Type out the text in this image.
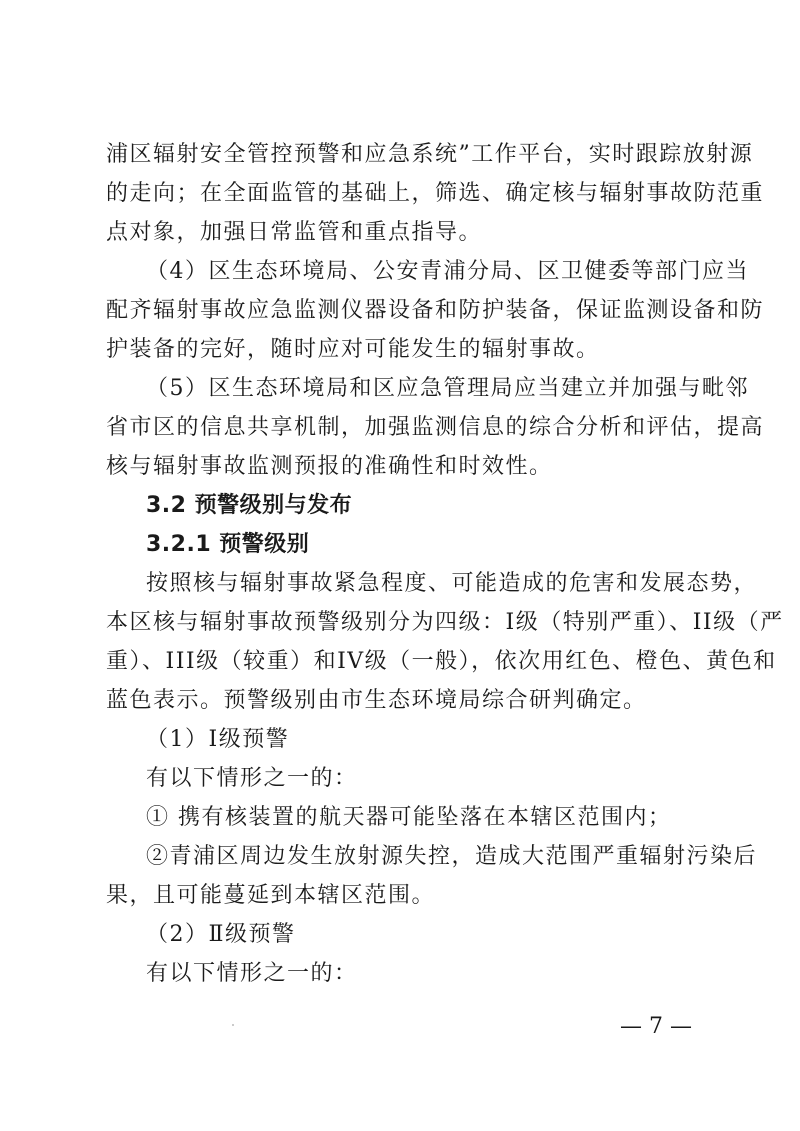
浦区辐射安全管控预警和应急系统”工作平台，实时跟踪放射源
的走向；在全面监管的基础上，筛选、确定核与辐射事故防范重
点对象，加强日常监管和重点指导。
（4）区生态环境局、公安青浦分局、区卫健委等部门应当
配齐辐射事故应急监测仪器设备和防护装备，保证监测设备和防
护装备的完好，随时应对可能发生的辐射事故。
（5）区生态环境局和区应急管理局应当建立并加强与毗邻
省市区的信息共享机制，加强监测信息的综合分析和评估，提高
核与辐射事故监测预报的准确性和时效性。
3.2 预警级别与发布
3.2.1 预警级别
按照核与辐射事故紧急程度、可能造成的危害和发展态势，
本区核与辐射事故预警级别分为四级：I级（特别严重）、II级（严
重）、III级（较重）和IV级（一般），依次用红色、橙色、黄色和
蓝色表示。预警级别由市生态环境局综合研判确定。
（1）Ⅰ级预警
有以下情形之一的：
① 携有核装置的航天器可能坠落在本辖区范围内；
②青浦区周边发生放射源失控，造成大范围严重辐射污染后
果，且可能蔓延到本辖区范围。
（2）Ⅱ级预警
有以下情形之一的：
— 7 —
